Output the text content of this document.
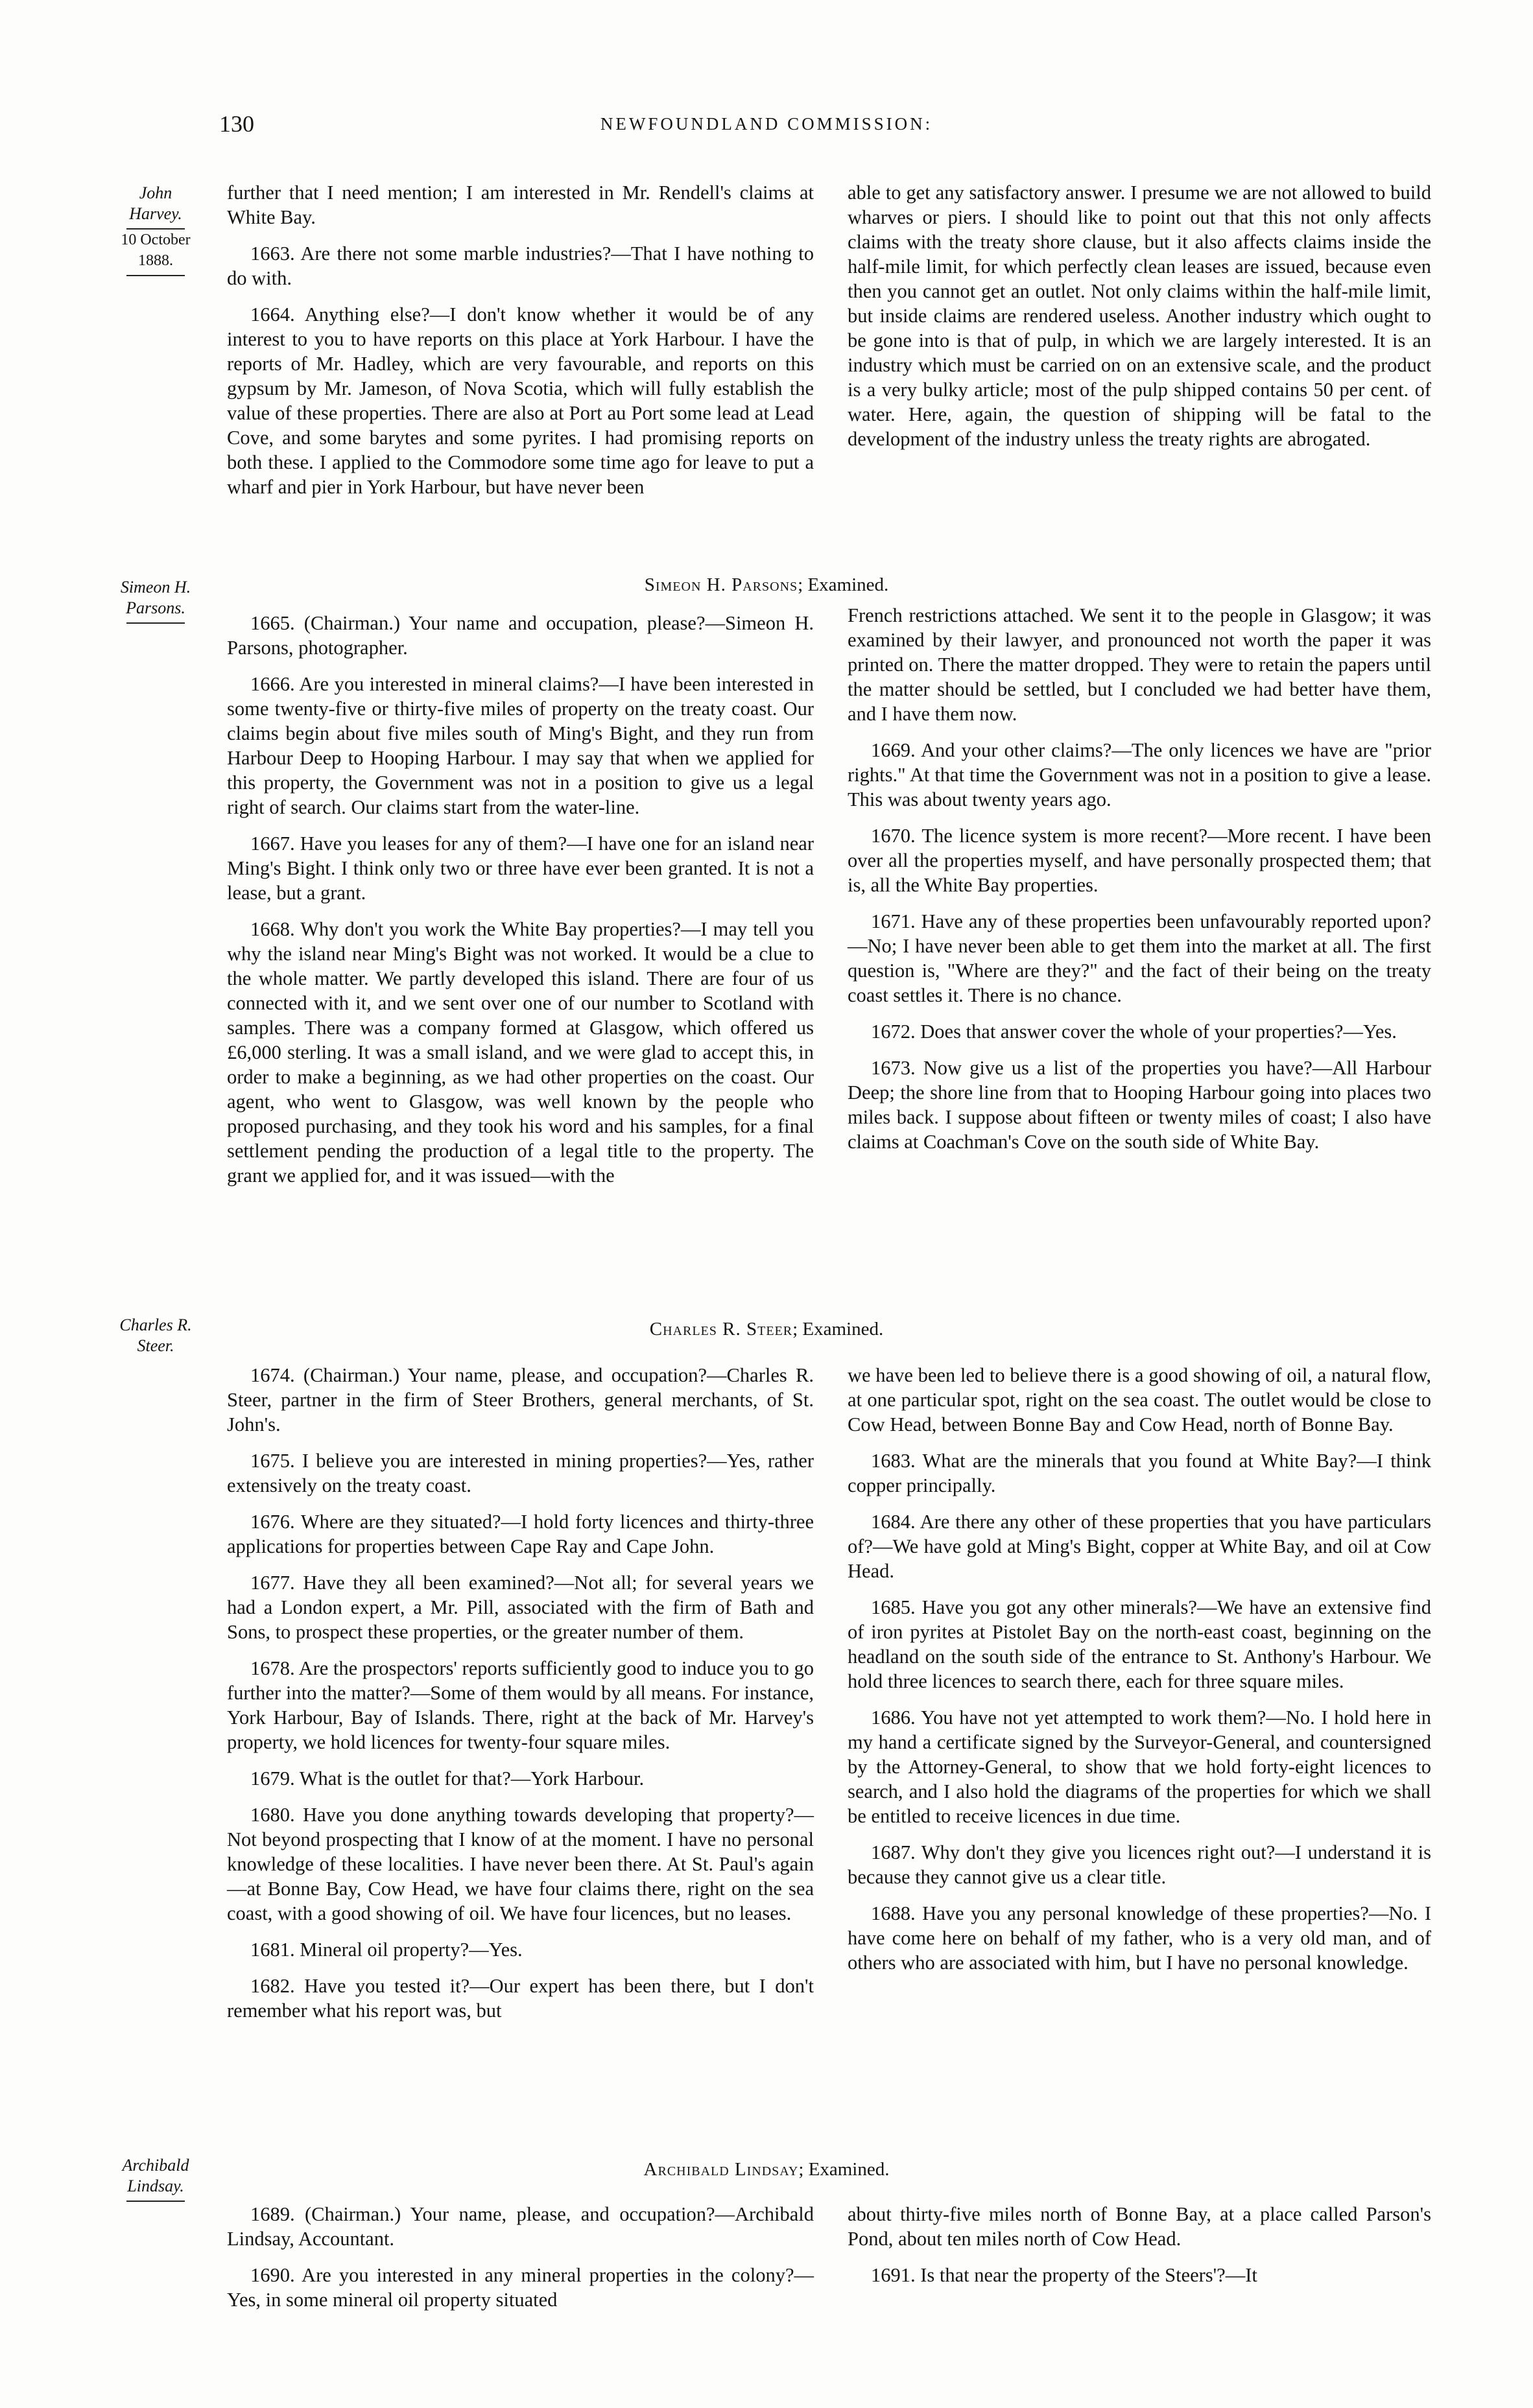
130	NEWFOUNDLAND COMMISSION:
John
Harvey.
10 October
1888.

further that I need mention; I am interested in Mr. Rendell's claims at White Bay.

1663. Are there not some marble industries?—That I have nothing to do with.

1664. Anything else?—I don't know whether it would be of any interest to you to have reports on this place at York Harbour. I have the reports of Mr. Hadley, which are very favourable, and reports on this gypsum by Mr. Jameson, of Nova Scotia, which will fully establish the value of these properties. There are also at Port au Port some lead at Lead Cove, and some barytes and some pyrites. I had promising reports on both these. I applied to the Commodore some time ago for leave to put a wharf and pier in York Harbour, but have never been

able to get any satisfactory answer. I presume we are not allowed to build wharves or piers. I should like to point out that this not only affects claims with the treaty shore clause, but it also affects claims inside the half-mile limit, for which perfectly clean leases are issued, because even then you cannot get an outlet. Not only claims within the half-mile limit, but inside claims are rendered useless. Another industry which ought to be gone into is that of pulp, in which we are largely interested. It is an industry which must be carried on on an extensive scale, and the product is a very bulky article; most of the pulp shipped contains 50 per cent. of water. Here, again, the question of shipping will be fatal to the development of the industry unless the treaty rights are abrogated.

Simeon H.
Parsons.
Simeon H. Parsons; Examined.

1665. (Chairman.) Your name and occupation, please?—Simeon H. Parsons, photographer.

1666. Are you interested in mineral claims?—I have been interested in some twenty-five or thirty-five miles of property on the treaty coast. Our claims begin about five miles south of Ming's Bight, and they run from Harbour Deep to Hooping Harbour. I may say that when we applied for this property, the Government was not in a position to give us a legal right of search. Our claims start from the water-line.

1667. Have you leases for any of them?—I have one for an island near Ming's Bight. I think only two or three have ever been granted. It is not a lease, but a grant.

1668. Why don't you work the White Bay properties?—I may tell you why the island near Ming's Bight was not worked. It would be a clue to the whole matter. We partly developed this island. There are four of us connected with it, and we sent over one of our number to Scotland with samples. There was a company formed at Glasgow, which offered us £6,000 sterling. It was a small island, and we were glad to accept this, in order to make a beginning, as we had other properties on the coast. Our agent, who went to Glasgow, was well known by the people who proposed purchasing, and they took his word and his samples, for a final settlement pending the production of a legal title to the property. The grant we applied for, and it was issued—with the

French restrictions attached. We sent it to the people in Glasgow; it was examined by their lawyer, and pronounced not worth the paper it was printed on. There the matter dropped. They were to retain the papers until the matter should be settled, but I concluded we had better have them, and I have them now.

1669. And your other claims?—The only licences we have are "prior rights." At that time the Government was not in a position to give a lease. This was about twenty years ago.

1670. The licence system is more recent?—More recent. I have been over all the properties myself, and have personally prospected them; that is, all the White Bay properties.

1671. Have any of these properties been unfavourably reported upon?—No; I have never been able to get them into the market at all. The first question is, "Where are they?" and the fact of their being on the treaty coast settles it. There is no chance.

1672. Does that answer cover the whole of your properties?—Yes.

1673. Now give us a list of the properties you have?—All Harbour Deep; the shore line from that to Hooping Harbour going into places two miles back. I suppose about fifteen or twenty miles of coast; I also have claims at Coachman's Cove on the south side of White Bay.

Charles R.
Steer.
Charles R. Steer; Examined.

1674. (Chairman.) Your name, please, and occupation?—Charles R. Steer, partner in the firm of Steer Brothers, general merchants, of St. John's.

1675. I believe you are interested in mining properties?—Yes, rather extensively on the treaty coast.

1676. Where are they situated?—I hold forty licences and thirty-three applications for properties between Cape Ray and Cape John.

1677. Have they all been examined?—Not all; for several years we had a London expert, a Mr. Pill, associated with the firm of Bath and Sons, to prospect these properties, or the greater number of them.

1678. Are the prospectors' reports sufficiently good to induce you to go further into the matter?—Some of them would by all means. For instance, York Harbour, Bay of Islands. There, right at the back of Mr. Harvey's property, we hold licences for twenty-four square miles.

1679. What is the outlet for that?—York Harbour.

1680. Have you done anything towards developing that property?—Not beyond prospecting that I know of at the moment. I have no personal knowledge of these localities. I have never been there. At St. Paul's again—at Bonne Bay, Cow Head, we have four claims there, right on the sea coast, with a good showing of oil. We have four licences, but no leases.

1681. Mineral oil property?—Yes.

1682. Have you tested it?—Our expert has been there, but I don't remember what his report was, but

we have been led to believe there is a good showing of oil, a natural flow, at one particular spot, right on the sea coast. The outlet would be close to Cow Head, between Bonne Bay and Cow Head, north of Bonne Bay.

1683. What are the minerals that you found at White Bay?—I think copper principally.

1684. Are there any other of these properties that you have particulars of?—We have gold at Ming's Bight, copper at White Bay, and oil at Cow Head.

1685. Have you got any other minerals?—We have an extensive find of iron pyrites at Pistolet Bay on the north-east coast, beginning on the headland on the south side of the entrance to St. Anthony's Harbour. We hold three licences to search there, each for three square miles.

1686. You have not yet attempted to work them?—No. I hold here in my hand a certificate signed by the Surveyor-General, and countersigned by the Attorney-General, to show that we hold forty-eight licences to search, and I also hold the diagrams of the properties for which we shall be entitled to receive licences in due time.

1687. Why don't they give you licences right out?—I understand it is because they cannot give us a clear title.

1688. Have you any personal knowledge of these properties?—No. I have come here on behalf of my father, who is a very old man, and of others who are associated with him, but I have no personal knowledge.

Archibald
Lindsay.
Archibald Lindsay; Examined.

1689. (Chairman.) Your name, please, and occupation?—Archibald Lindsay, Accountant.

1690. Are you interested in any mineral properties in the colony?—Yes, in some mineral oil property situated

about thirty-five miles north of Bonne Bay, at a place called Parson's Pond, about ten miles north of Cow Head.

1691. Is that near the property of the Steers'?—It
